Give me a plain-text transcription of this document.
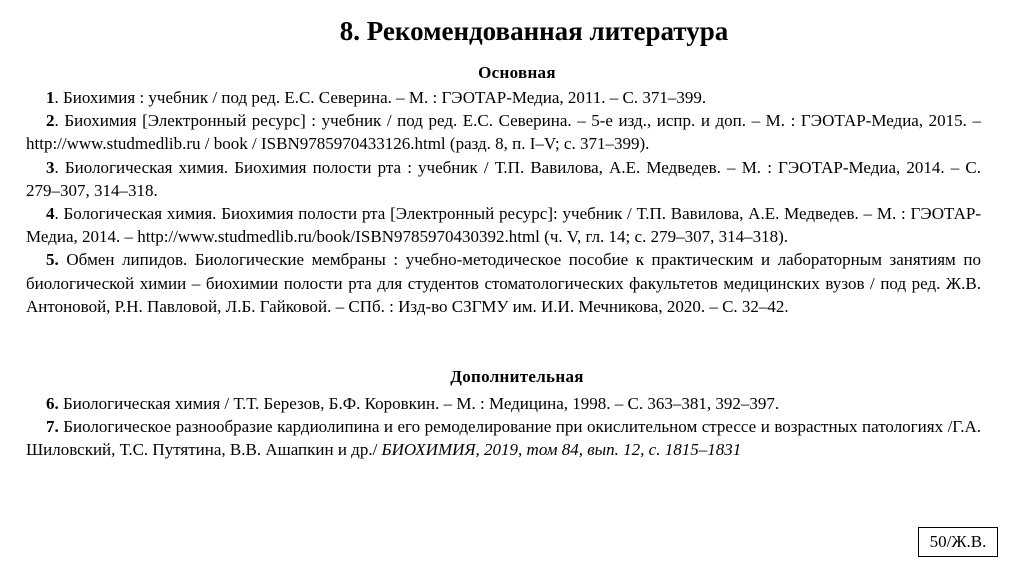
8. Рекомендованная литература
Основная

1. Биохимия : учебник / под ред. Е.С. Северина. – М. : ГЭОТАР-Медиа, 2011. – С. 371–399.

2. Биохимия [Электронный ресурс] : учебник / под ред. Е.С. Северина. – 5-е изд., испр. и доп. – М. : ГЭОТАР-Медиа, 2015. – http://www.studmedlib.ru / book / ISBN9785970433126.html (разд. 8, п. I–V; с. 371–399).

3. Биологическая химия. Биохимия полости рта : учебник / Т.П. Вавилова, А.Е. Медведев. – М. : ГЭОТАР-Медиа, 2014. – С. 279–307, 314–318.

4. Бологическая химия. Биохимия полости рта [Электронный ресурс]: учебник / Т.П. Вавилова, А.Е. Медведев. – М. : ГЭОТАР-Медиа, 2014. – http://www.studmedlib.ru/book/ISBN9785970430392.html (ч. V, гл. 14; с. 279–307, 314–318).

5. Обмен липидов. Биологические мембраны : учебно-методическое пособие к практическим и лабораторным занятиям по биологической химии – биохимии полости рта для студентов стоматологических факультетов медицинских вузов / под ред. Ж.В. Антоновой, Р.Н. Павловой, Л.Б. Гайковой. – СПб. : Изд-во СЗГМУ им. И.И. Мечникова, 2020. – С. 32–42.

Дополнительная

6. Биологическая химия / Т.Т. Березов, Б.Ф. Коровкин. – М. : Медицина, 1998. – С. 363–381, 392–397.

7. Биологическое разнообразие кардиолипина и его ремоделирование при окислительном стрессе и возрастных патологиях /Г.А. Шиловский, Т.С. Путятина, В.В. Ашапкин и др./ БИОХИМИЯ, 2019, том 84, вып. 12, с. 1815–1831

50/Ж.В.
